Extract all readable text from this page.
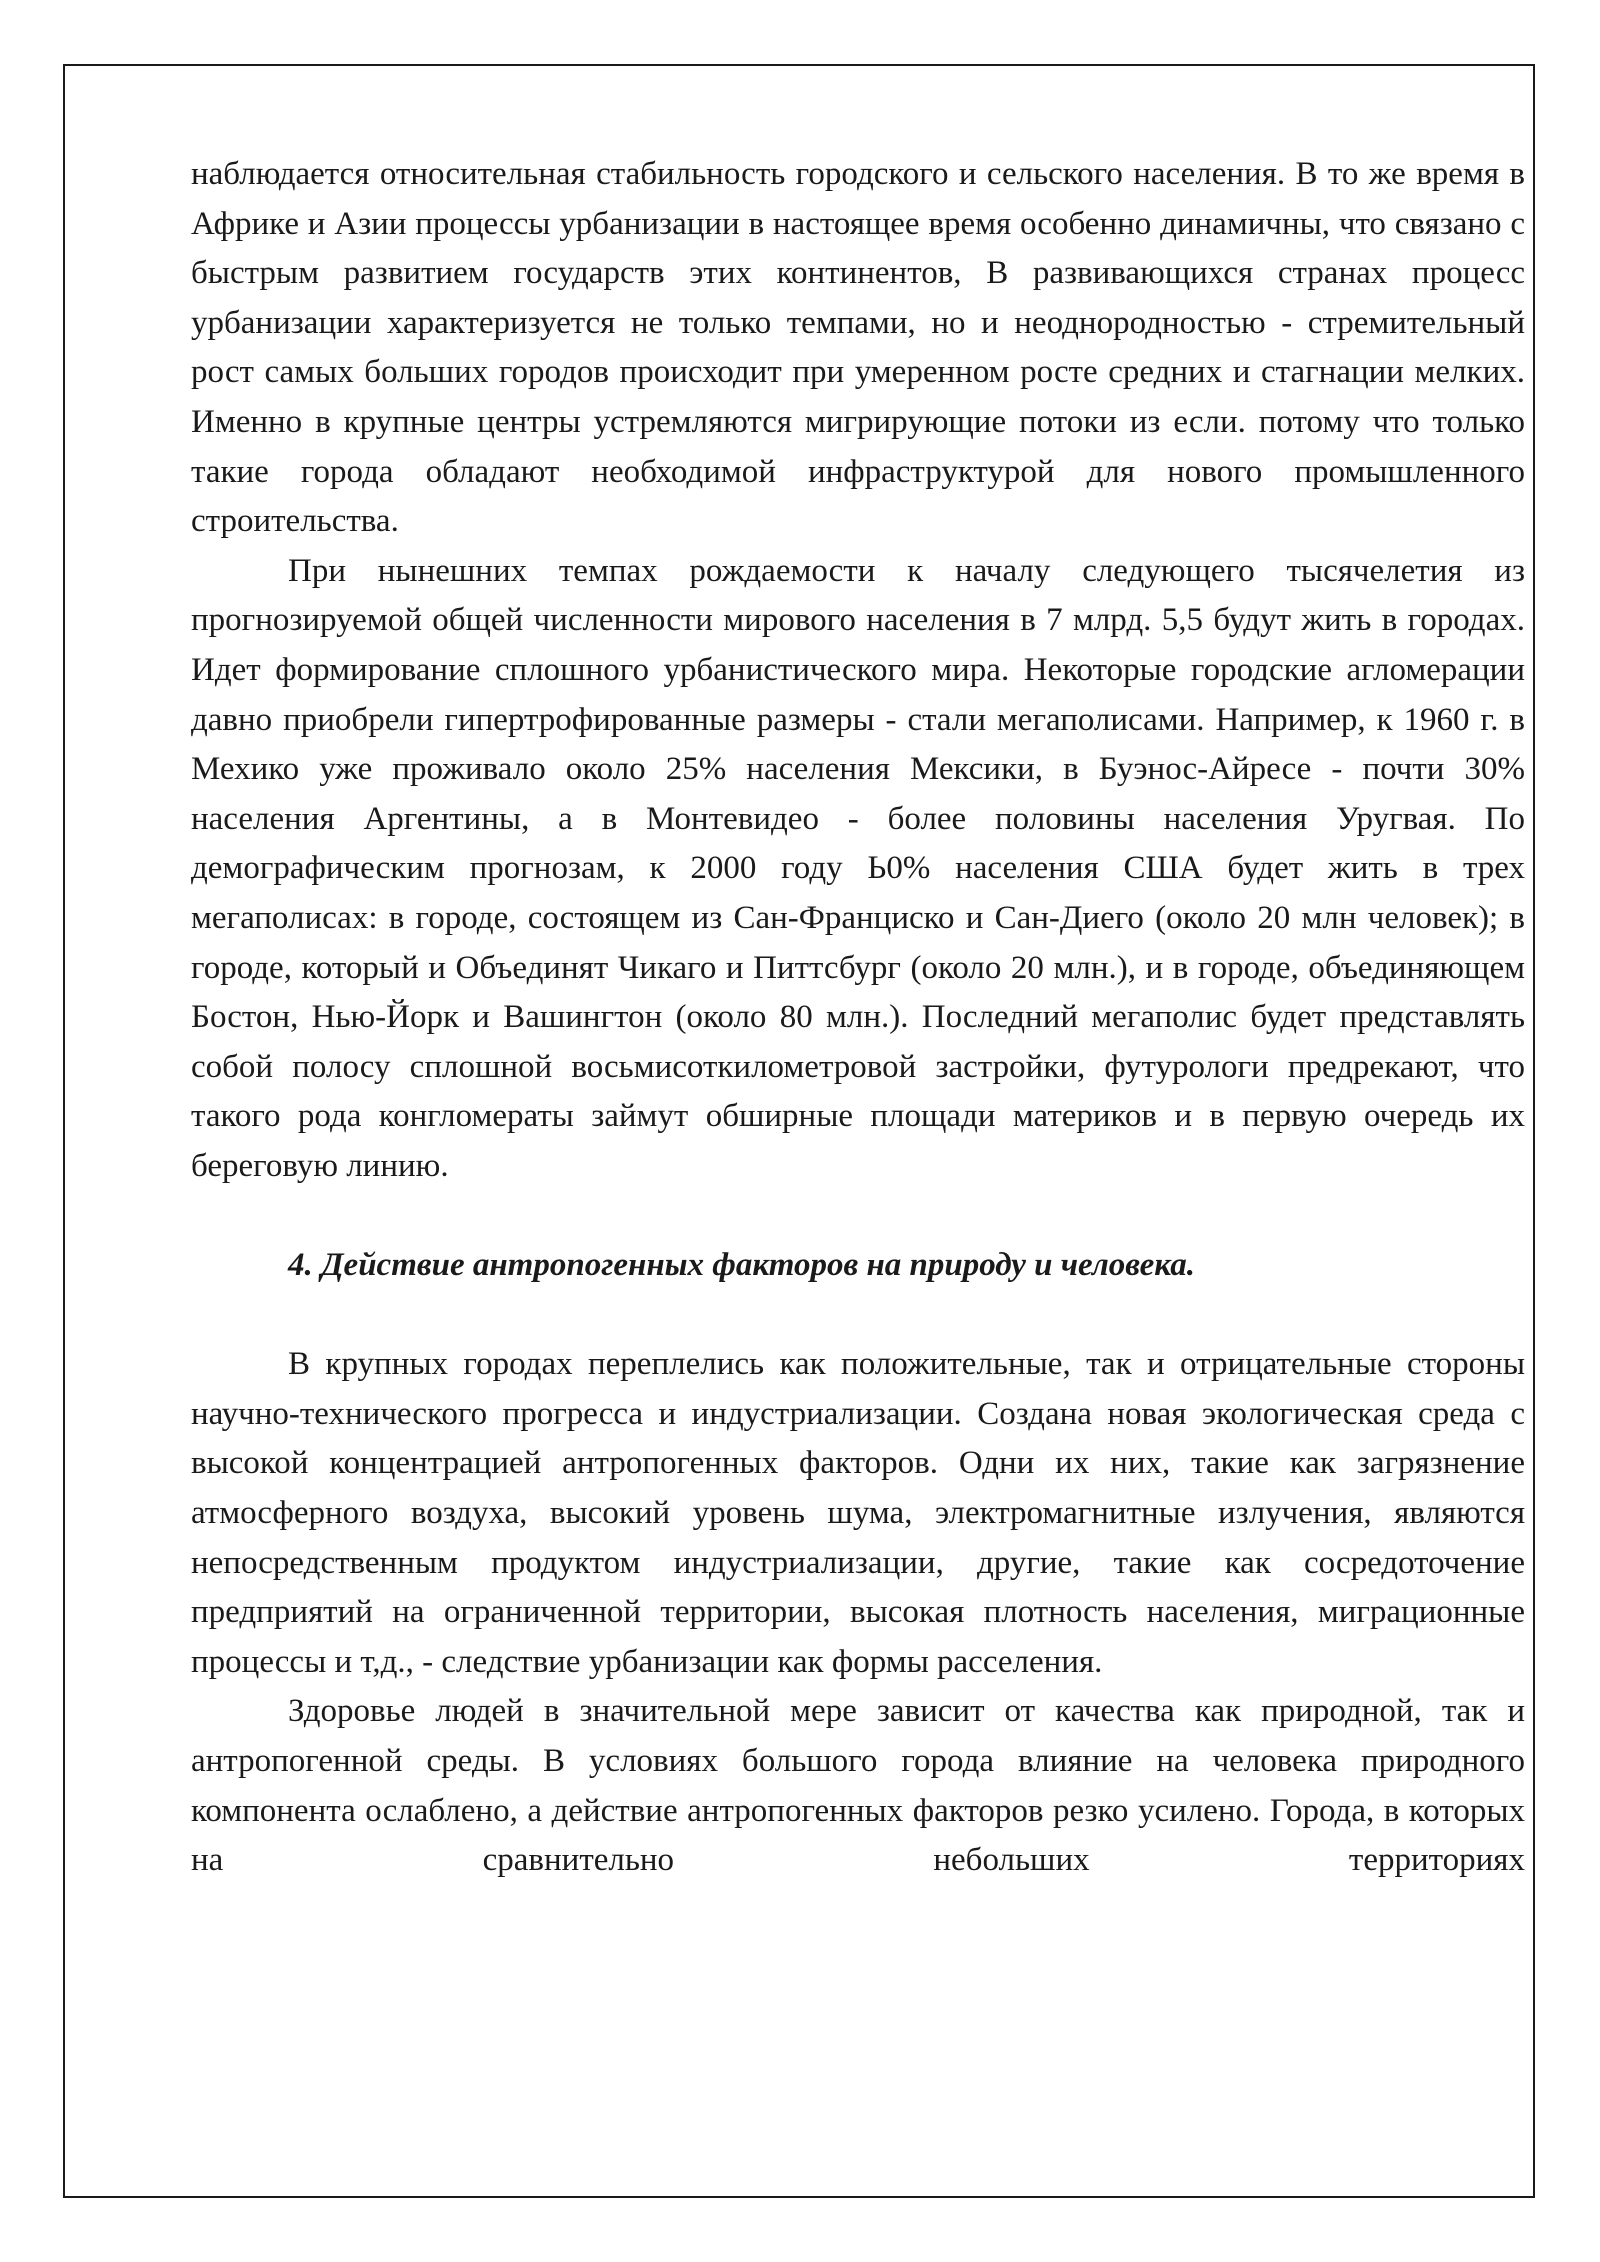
наблюдается относительная стабильность городского и сельского населения. В то же время в Африке и Азии процессы урбанизации в настоящее время особенно динамичны, что связано с быстрым развитием государств этих континентов, В развивающихся странах процесс урбанизации характеризуется не только темпами, но и неоднородностью - стремительный рост самых больших городов происходит при умеренном росте средних и стагнации мелких. Именно в крупные центры устремляются мигрирующие потоки из если. потому что только такие города обладают необходимой инфраструктурой для нового промышленного строительства.

При нынешних темпах рождаемости к началу следующего тысячелетия из прогнозируемой общей численности мирового населения в 7 млрд. 5,5 будут жить в городах. Идет формирование сплошного урбанистического мира. Некоторые городские агломерации давно приобрели гипертрофированные размеры - стали мегаполисами. Например, к 1960 г. в Мехико уже проживало около 25% населения Мексики, в Буэнос-Айресе - почти 30% населения Аргентины, а в Монтевидео - более половины населения Уругвая. По демографическим прогнозам, к 2000 году Ь0% населения США будет жить в трех мегаполисах: в городе, состоящем из Сан-Франциско и Сан-Диего (около 20 млн человек); в городе, который и Объединят Чикаго и Питтсбург (около 20 млн.), и в городе, объединяющем Бостон, Нью-Йорк и Вашингтон (около 80 млн.). Последний мегаполис будет представлять собой полосу сплошной восьмисоткилометровой застройки, футурологи предрекают, что такого рода конгломераты займут обширные площади материков и в первую очередь их береговую линию.

4. Действие антропогенных факторов на природу и человека.

В крупных городах переплелись как положительные, так и отрицательные стороны научно-технического прогресса и индустриализации. Создана новая экологическая среда с высокой концентрацией антропогенных факторов. Одни их них, такие как загрязнение атмосферного воздуха, высокий уровень шума, электромагнитные излучения, являются непосредственным продуктом индустриализации, другие, такие как сосредоточение предприятий на ограниченной территории, высокая плотность населения, миграционные процессы и т,д., - следствие урбанизации как формы расселения.

Здоровье людей в значительной мере зависит от качества как природной, так и антропогенной среды. В условиях большого города влияние на человека природного компонента ослаблено, а действие антропогенных факторов резко усилено. Города, в которых на сравнительно небольших территориях
